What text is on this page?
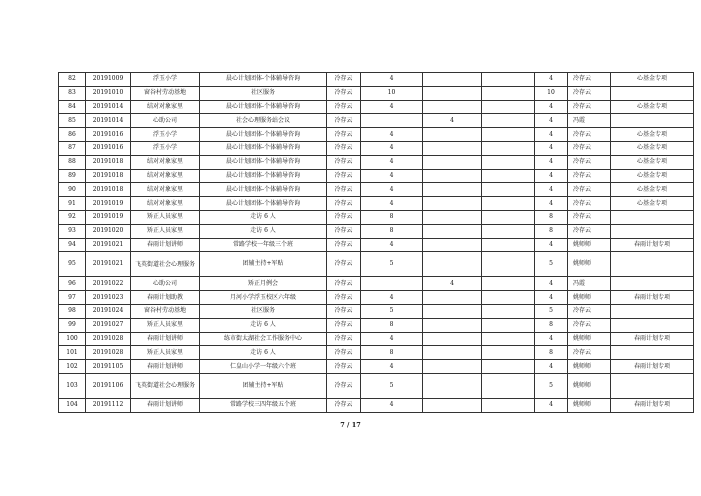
82	20191009	浮玉小学	晨心计划团体-个体辅导咨询	冷存云	4			4	冷存云	心基金专项
83	20191010	窗谷村劳动基地	社区服务	冷存云	10			10	冷存云	
84	20191014	结对对象家里	晨心计划团体-个体辅导咨询	冷存云	4			4	冷存云	心基金专项
85	20191014	心助公司	社会心理服务站会议	冷存云		4		4	冯霞	
86	20191016	浮玉小学	晨心计划团体-个体辅导咨询	冷存云	4			4	冷存云	心基金专项
87	20191016	浮玉小学	晨心计划团体-个体辅导咨询	冷存云	4			4	冷存云	心基金专项
88	20191018	结对对象家里	晨心计划团体-个体辅导咨询	冷存云	4			4	冷存云	心基金专项
89	20191018	结对对象家里	晨心计划团体-个体辅导咨询	冷存云	4			4	冷存云	心基金专项
90	20191018	结对对象家里	晨心计划团体-个体辅导咨询	冷存云	4			4	冷存云	心基金专项
91	20191019	结对对象家里	晨心计划团体-个体辅导咨询	冷存云	4			4	冷存云	心基金专项
92	20191019	矫正人员家里	走访 6 人	冷存云	8			8	冷存云	
93	20191020	矫正人员家里	走访 6 人	冷存云	8			8	冷存云	
94	20191021	春雨计划讲师	常路学校一年级三个班	冷存云	4			4	姚师师	春雨计划专项
95	20191021	飞英街道社会心理服务	团辅主持+军贴	冷存云	5			5	姚师师	
96	20191022	心助公司	矫正月例会	冷存云		4		4	冯霞	
97	20191023	春雨计划助教	月河小学浮玉校区六年级	冷存云	4			4	姚师师	春雨计划专项
98	20191024	窗谷村劳动基地	社区服务	冷存云	5			5	冷存云	
99	20191027	矫正人员家里	走访 6 人	冷存云	8			8	冷存云	
100	20191028	春雨计划讲师	练市街太湖社会工作服务中心	冷存云	4			4	姚师师	春雨计划专项
101	20191028	矫正人员家里	走访 6 人	冷存云	8			8	冷存云	
102	20191105	春雨计划讲师	仁皇山小学一年级六个班	冷存云	4			4	姚师师	春雨计划专项
103	20191106	飞英街道社会心理服务	团辅主持+军贴	冷存云	5			5	姚师师	
104	20191112	春雨计划讲师	常路学校三四年级五个班	冷存云	4			4	姚师师	春雨计划专项
7 / 17
